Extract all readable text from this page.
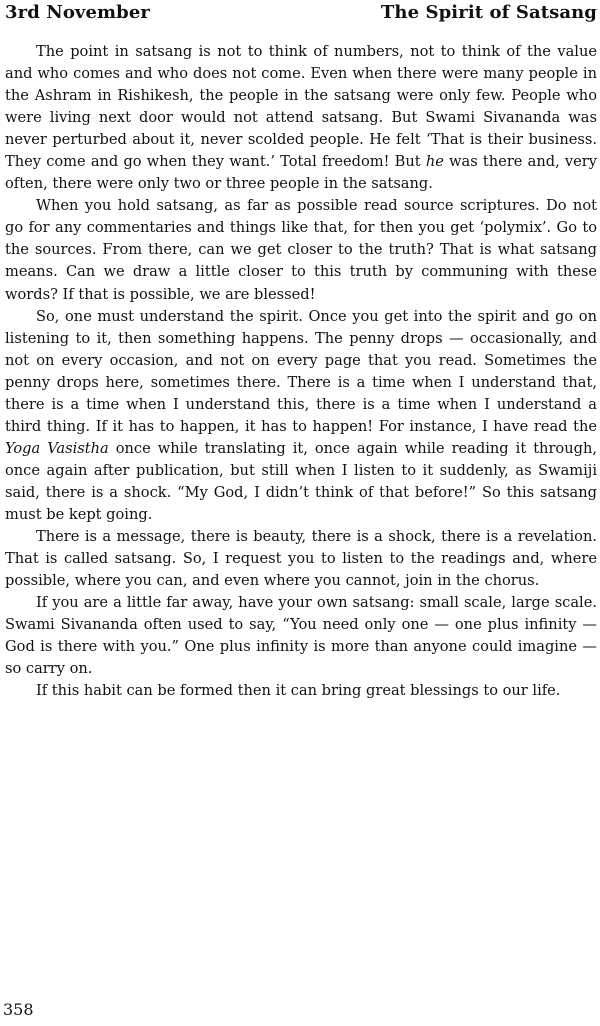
3rd November	The Spirit of Satsang

The point in satsang is not to think of numbers, not to think of the value and who comes and who does not come. Even when there were many people in the Ashram in Rishikesh, the people in the satsang were only few. People who were living next door would not attend satsang. But Swami Sivananda was never perturbed about it, never scolded people. He felt ‘That is their business. They come and go when they want.’ Total freedom! But he was there and, very often, there were only two or three people in the satsang.

When you hold satsang, as far as possible read source scriptures. Do not go for any commentaries and things like that, for then you get ‘polymix’. Go to the sources. From there, can we get closer to the truth? That is what satsang means. Can we draw a little closer to this truth by communing with these words? If that is possible, we are blessed!

So, one must understand the spirit. Once you get into the spirit and go on listening to it, then something happens. The penny drops — occasionally, and not on every occasion, and not on every page that you read. Sometimes the penny drops here, sometimes there. There is a time when I understand that, there is a time when I understand this, there is a time when I understand a third thing. If it has to happen, it has to happen! For instance, I have read the Yoga Vasistha once while translating it, once again while reading it through, once again after publication, but still when I listen to it suddenly, as Swamiji said, there is a shock. “My God, I didn’t think of that before!” So this satsang must be kept going.

There is a message, there is beauty, there is a shock, there is a revelation. That is called satsang. So, I request you to listen to the readings and, where possible, where you can, and even where you cannot, join in the chorus.

If you are a little far away, have your own satsang: small scale, large scale. Swami Sivananda often used to say, “You need only one — one plus infinity — God is there with you.” One plus infinity is more than anyone could imagine — so carry on.

If this habit can be formed then it can bring great blessings to our life.

358
